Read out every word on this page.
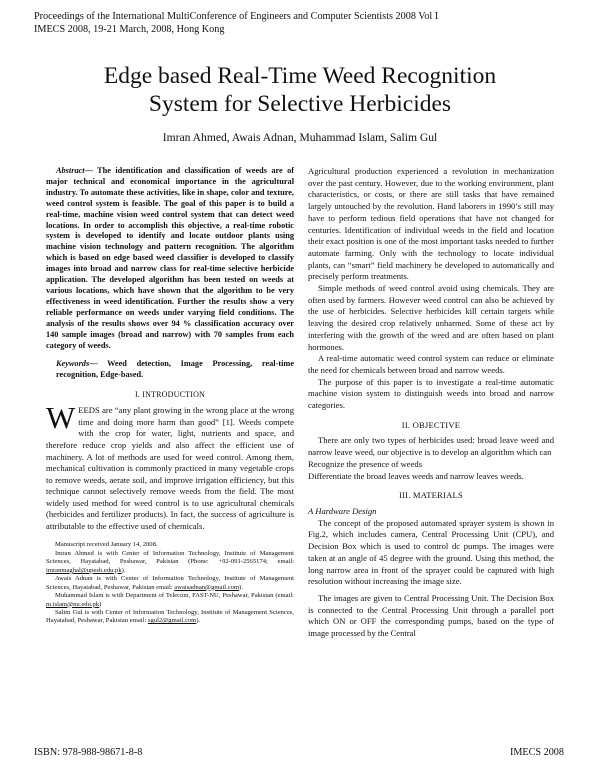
Proceedings of the International MultiConference of Engineers and Computer Scientists 2008 Vol I
IMECS 2008, 19-21 March, 2008, Hong Kong
Edge based Real-Time Weed Recognition
System for Selective Herbicides
Imran Ahmed, Awais Adnan, Muhammad Islam, Salim Gul

Abstract— The identification and classification of weeds are of major technical and economical importance in the agricultural industry. To automate these activities, like in shape, color and texture, weed control system is feasible. The goal of this paper is to build a real-time, machine vision weed control system that can detect weed locations. In order to accomplish this objective, a real-time robotic system is developed to identify and locate outdoor plants using machine vision technology and pattern recognition. The algorithm which is based on edge based weed classifier is developed to classify images into broad and narrow class for real-time selective herbicide application. The developed algorithm has been tested on weeds at various locations, which have shown that the algorithm to be very effectiveness in weed identification. Further the results show a very reliable performance on weeds under varying field conditions. The analysis of the results shows over 94 % classification accuracy over 140 sample images (broad and narrow) with 70 samples from each category of weeds.

Keywords— Weed detection, Image Processing, real-time recognition, Edge-based.

I. INTRODUCTION

WEEDS are “any plant growing in the wrong place at the wrong time and doing more harm than good” [1]. Weeds compete with the crop for water, light, nutrients and space, and therefore reduce crop yields and also affect the efficient use of machinery. A lot of methods are used for weed control. Among them, mechanical cultivation is commonly practiced in many vegetable crops to remove weeds, aerate soil, and improve irrigation efficiency, but this technique cannot selectively remove weeds from the field. The most widely used method for weed control is to use agricultural chemicals (herbicides and fertilizer products). In fact, the success of agriculture is attributable to the effective used of chemicals.

Manuscript received January 14, 2008.

Imran Ahmed is with Center of Information Technology, Institute of Management Sciences, Hayatabad, Peshawar, Pakistan (Phone: +92-091-2565174; email: imranmaghal@upesh.edu.pk).

Awais Adnan is with Center of Information Technology, Institute of Management Sciences, Hayatabad, Peshawar, Pakistan email: awaisadnan@gmail.com).

Muhammad Islam is with Department of Telecom, FAST-NU, Peshawar, Pakistan (email: m.islam@nu.edu.pk)

Salim Gul is with Center of Information Technology, Institute of Management Sciences, Hayatabad, Peshawar, Pakistan email: sgul2@gmail.com).

Agricultural production experienced a revolution in mechanization over the past century. However, due to the working environment, plant characteristics, or costs, or there are still tasks that have remained largely untouched by the revolution. Hand laborers in 1990’s still may have to perform tedious field operations that have not changed for centuries. Identification of individual weeds in the field and location their exact position is one of the most important tasks needed to further automate farming. Only with the technology to locate individual plants, can “smart” field machinery be developed to automatically and precisely perform treatments.

Simple methods of weed control avoid using chemicals. They are often used by farmers. However weed control can also be achieved by the use of herbicides. Selective herbicides kill certain targets while leaving the desired crop relatively unharmed. Some of these act by interfering with the growth of the weed and are often based on plant hormones.

A real-time automatic weed control system can reduce or eliminate the need for chemicals between broad and narrow weeds.

The purpose of this paper is to investigate a real-time automatic machine vision system to distinguish weeds into broad and narrow categories.

II. OBJECTIVE

There are only two types of herbicides used: broad leave weed and narrow leave weed, our objective is to develop an algorithm which can

Recognize the presence of weeds

Differentiate the broad leaves weeds and narrow leaves weeds.

III. MATERIALS

A Hardware Design

The concept of the proposed automated sprayer system is shown in Fig.2, which includes camera, Central Processing Unit (CPU), and Decision Box which is used to control dc pumps. The images were taken at an angle of 45 degree with the ground. Using this method, the long narrow area in front of the sprayer could be captured with high resolution without increasing the image size.

The images are given to Central Processing Unit. The Decision Box is connected to the Central Processing Unit through a parallel port which ON or OFF the corresponding pumps, based on the type of image processed by the Central

ISBN: 978-988-98671-8-8	IMECS 2008
